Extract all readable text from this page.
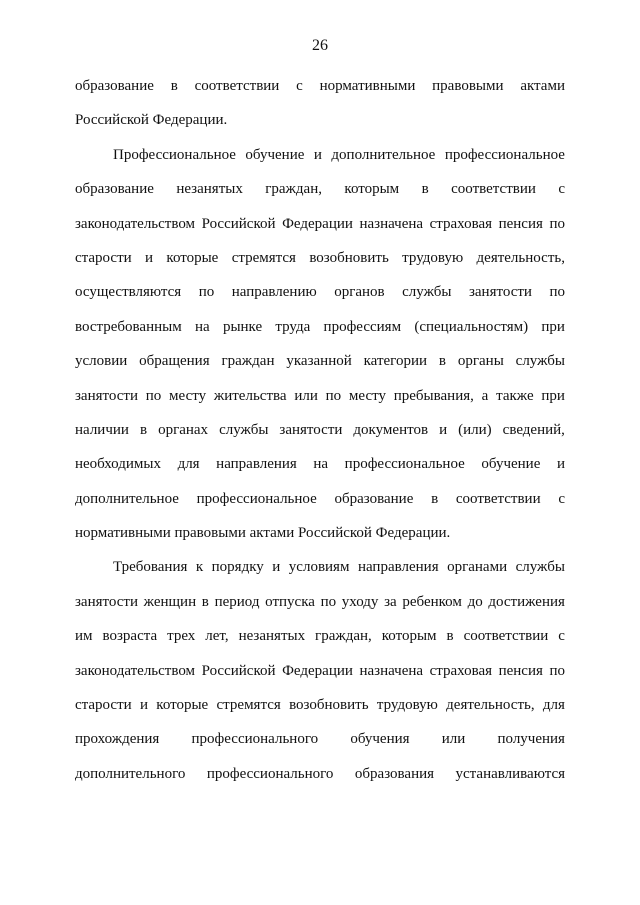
26
образование в соответствии с нормативными правовыми актами
Российской Федерации.
Профессиональное обучение и дополнительное профессиональное
образование незанятых граждан, которым в соответствии с
законодательством Российской Федерации назначена страховая пенсия по
старости и которые стремятся возобновить трудовую деятельность,
осуществляются по направлению органов службы занятости по
востребованным на рынке труда профессиям (специальностям) при
условии обращения граждан указанной категории в органы службы
занятости по месту жительства или по месту пребывания, а также при
наличии в органах службы занятости документов и (или) сведений,
необходимых для направления на профессиональное обучение и
дополнительное профессиональное образование в соответствии с
нормативными правовыми актами Российской Федерации.
Требования к порядку и условиям направления органами службы
занятости женщин в период отпуска по уходу за ребенком до достижения
им возраста трех лет, незанятых граждан, которым в соответствии с
законодательством Российской Федерации назначена страховая пенсия по
старости и которые стремятся возобновить трудовую деятельность, для
прохождения профессионального обучения или получения
дополнительного профессионального образования устанавливаются
